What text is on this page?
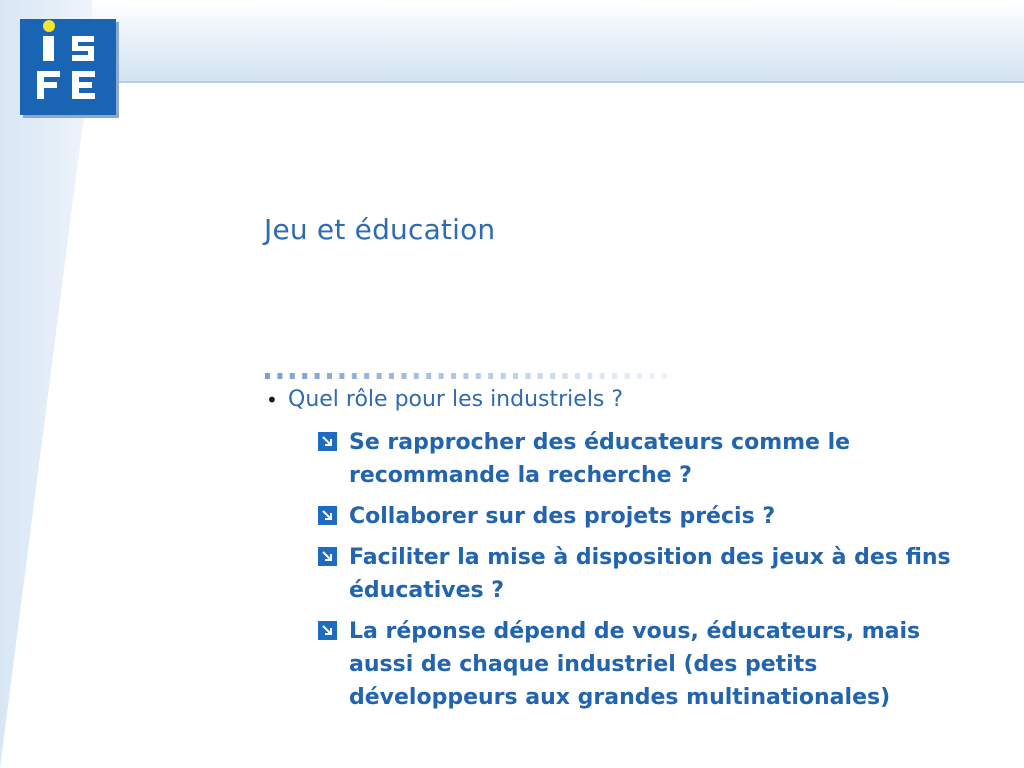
Jeu et éducation
• Quel rôle pour les industriels ?
Se rapprocher des éducateurs comme le recommande la recherche ?
Collaborer sur des projets précis ?
Faciliter la mise à disposition des jeux à des fins éducatives ?
La réponse dépend de vous, éducateurs, mais aussi de chaque industriel (des petits développeurs aux grandes multinationales)
